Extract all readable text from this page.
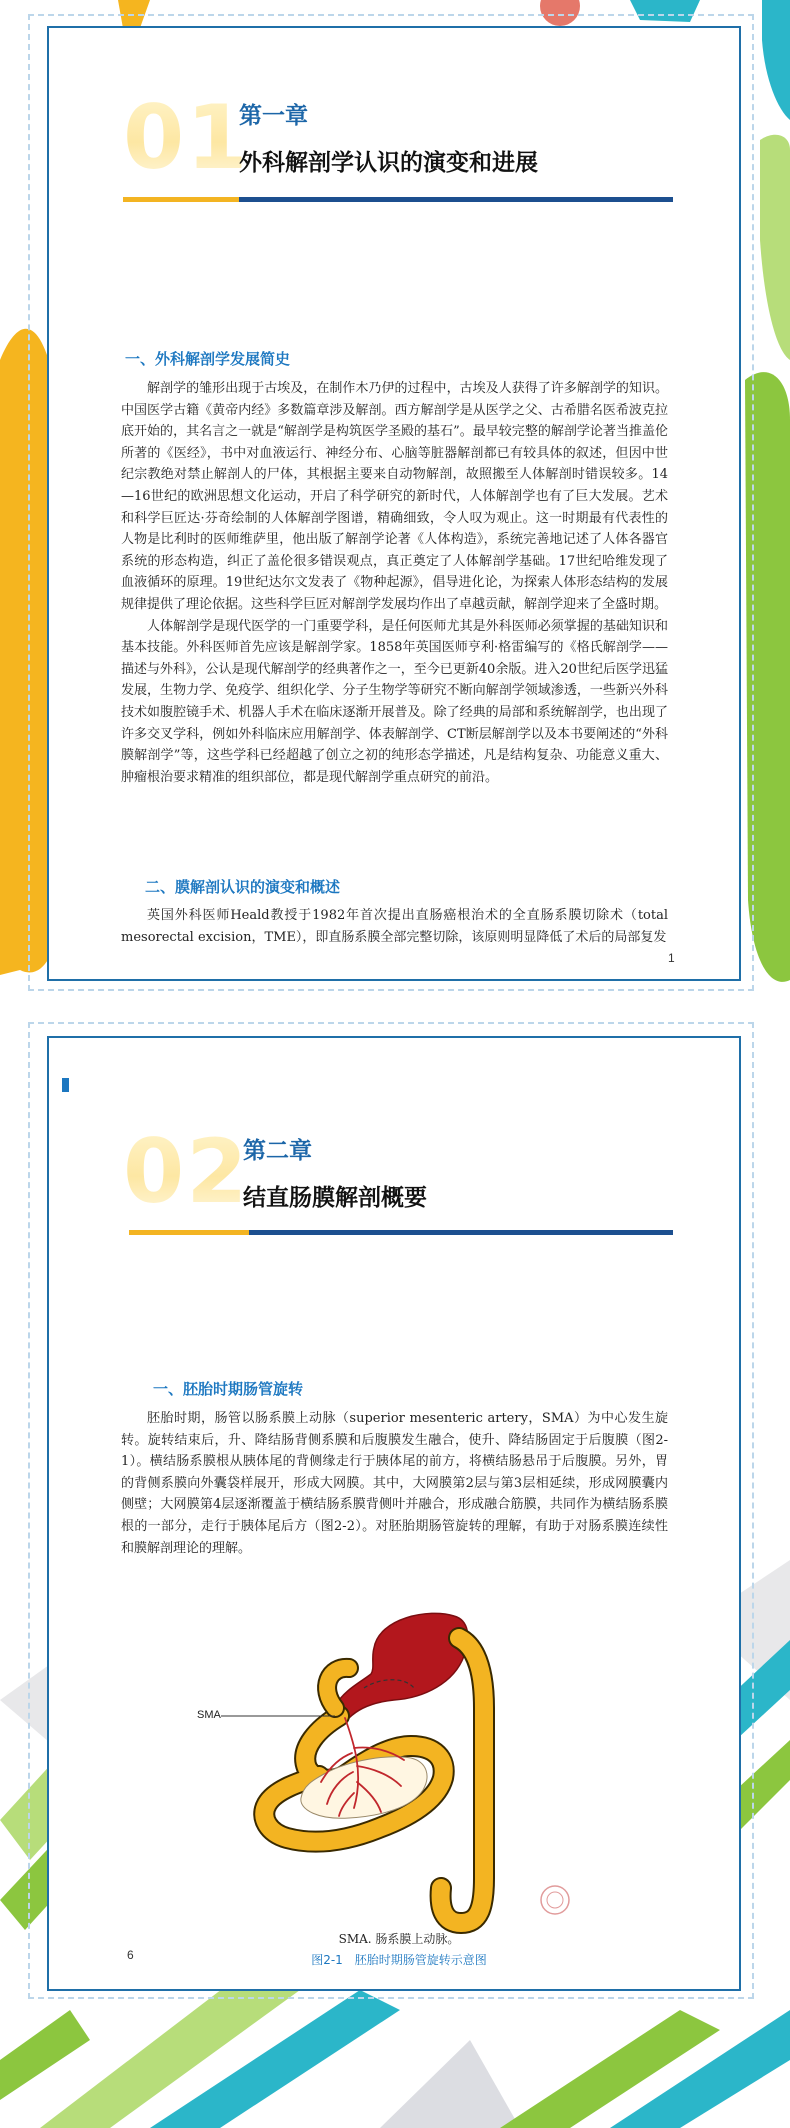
01
第一章
外科解剖学认识的演变和进展
一、外科解剖学发展简史

解剖学的雏形出现于古埃及，在制作木乃伊的过程中，古埃及人获得了许多解剖学的知识。中国医学古籍《黄帝内经》多数篇章涉及解剖。西方解剖学是从医学之父、古希腊名医希波克拉底开始的，其名言之一就是“解剖学是构筑医学圣殿的基石”。最早较完整的解剖学论著当推盖伦所著的《医经》，书中对血液运行、神经分布、心脑等脏器解剖都已有较具体的叙述，但因中世纪宗教绝对禁止解剖人的尸体，其根据主要来自动物解剖，故照搬至人体解剖时错误较多。14—16世纪的欧洲思想文化运动，开启了科学研究的新时代，人体解剖学也有了巨大发展。艺术和科学巨匠达·芬奇绘制的人体解剖学图谱，精确细致，令人叹为观止。这一时期最有代表性的人物是比利时的医师维萨里，他出版了解剖学论著《人体构造》，系统完善地记述了人体各器官系统的形态构造，纠正了盖伦很多错误观点，真正奠定了人体解剖学基础。17世纪哈维发现了血液循环的原理。19世纪达尔文发表了《物种起源》，倡导进化论，为探索人体形态结构的发展规律提供了理论依据。这些科学巨匠对解剖学发展均作出了卓越贡献，解剖学迎来了全盛时期。

人体解剖学是现代医学的一门重要学科，是任何医师尤其是外科医师必须掌握的基础知识和基本技能。外科医师首先应该是解剖学家。1858年英国医师亨利·格雷编写的《格氏解剖学——描述与外科》，公认是现代解剖学的经典著作之一，至今已更新40余版。进入20世纪后医学迅猛发展，生物力学、免疫学、组织化学、分子生物学等研究不断向解剖学领域渗透，一些新兴外科技术如腹腔镜手术、机器人手术在临床逐渐开展普及。除了经典的局部和系统解剖学，也出现了许多交叉学科，例如外科临床应用解剖学、体表解剖学、CT断层解剖学以及本书要阐述的“外科膜解剖学”等，这些学科已经超越了创立之初的纯形态学描述，凡是结构复杂、功能意义重大、肿瘤根治要求精准的组织部位，都是现代解剖学重点研究的前沿。

二、膜解剖认识的演变和概述

英国外科医师Heald教授于1982年首次提出直肠癌根治术的全直肠系膜切除术（total mesorectal excision，TME），即直肠系膜全部完整切除，该原则明显降低了术后的局部复发

1
02
第二章
结直肠膜解剖概要
一、胚胎时期肠管旋转

胚胎时期，肠管以肠系膜上动脉（superior mesenteric artery，SMA）为中心发生旋转。旋转结束后，升、降结肠背侧系膜和后腹膜发生融合，使升、降结肠固定于后腹膜（图2-1）。横结肠系膜根从胰体尾的背侧缘走行于胰体尾的前方，将横结肠悬吊于后腹膜。另外，胃的背侧系膜向外囊袋样展开，形成大网膜。其中，大网膜第2层与第3层相延续，形成网膜囊内侧壁；大网膜第4层逐渐覆盖于横结肠系膜背侧叶并融合，形成融合筋膜，共同作为横结肠系膜根的一部分，走行于胰体尾后方（图2-2）。对胚胎期肠管旋转的理解，有助于对肠系膜连续性和膜解剖理论的理解。

SMA
SMA. 肠系膜上动脉。
图2-1　胚胎时期肠管旋转示意图
6
